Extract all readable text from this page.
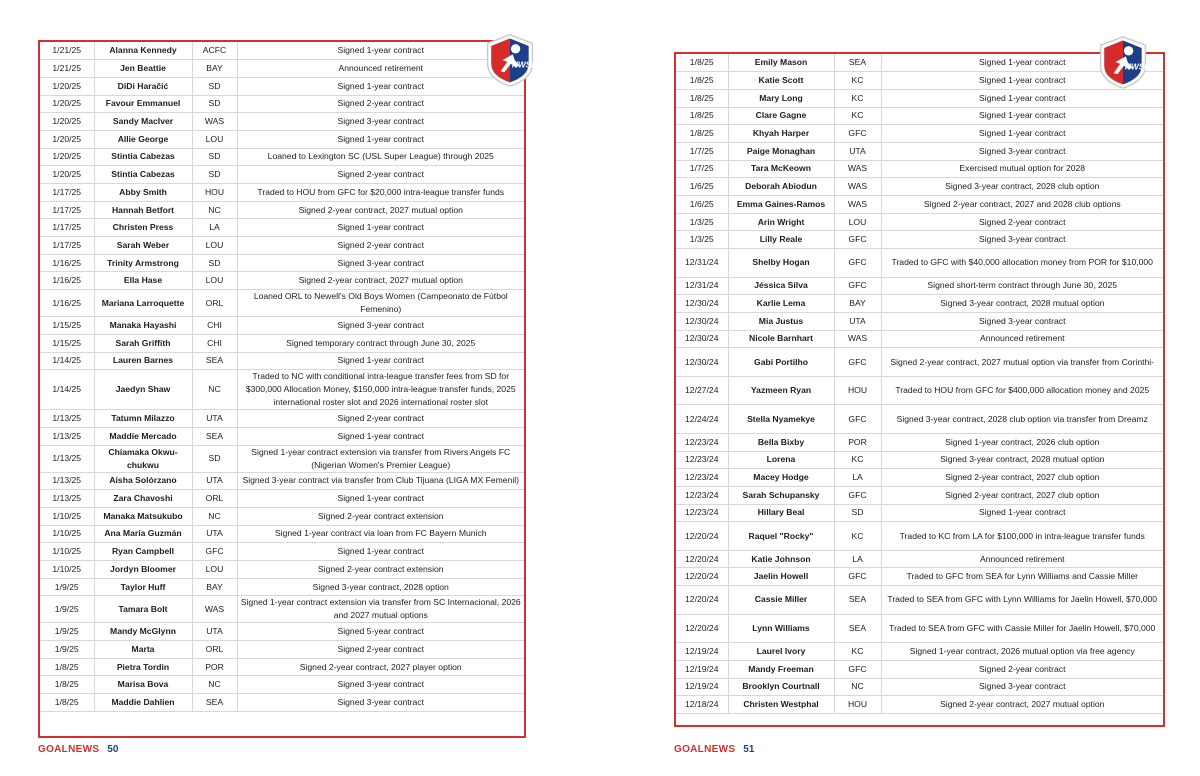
1/21/25	Alanna Kennedy	ACFC	Signed 1-year contract
1/21/25	Jen Beattie	BAY	Announced retirement
1/20/25	DiDi Haračić	SD	Signed 1-year contract
1/20/25	Favour Emmanuel	SD	Signed 2-year contract
1/20/25	Sandy MacIver	WAS	Signed 3-year contract
1/20/25	Allie George	LOU	Signed 1-year contract
1/20/25	Stintia Cabezas	SD	Loaned to Lexington SC (USL Super League) through 2025
1/20/25	Stintia Cabezas	SD	Signed 2-year contract
1/17/25	Abby Smith	HOU	Traded to HOU from GFC for $20,000 intra-league transfer funds
1/17/25	Hannah Betfort	NC	Signed 2-year contract, 2027 mutual option
1/17/25	Christen Press	LA	Signed 1-year contract
1/17/25	Sarah Weber	LOU	Signed 2-year contract
1/16/25	Trinity Armstrong	SD	Signed 3-year contract
1/16/25	Ella Hase	LOU	Signed 2-year contract, 2027 mutual option
1/16/25	Mariana Larroquette	ORL	Loaned ORL to Newell's Old Boys Women (Campeonato de Fútbol Femenino)
1/15/25	Manaka Hayashi	CHI	Signed 3-year contract
1/15/25	Sarah Griffith	CHI	Signed temporary contract through June 30, 2025
1/14/25	Lauren Barnes	SEA	Signed 1-year contract
1/14/25	Jaedyn Shaw	NC	Traded to NC with conditional intra-league transfer fees from SD for $300,000 Allocation Money, $150,000 intra-league transfer funds, 2025 international roster slot and 2026 international roster slot
1/13/25	Tatumn Milazzo	UTA	Signed 2-year contract
1/13/25	Maddie Mercado	SEA	Signed 1-year contract
1/13/25	Chiamaka Okwu-chukwu	SD	Signed 1-year contract extension via transfer from Rivers Angels FC (Nigerian Women's Premier League)
1/13/25	Aisha Solórzano	UTA	Signed 3-year contract via transfer from Club Tijuana (LIGA MX Femenil)
1/13/25	Zara Chavoshi	ORL	Signed 1-year contract
1/10/25	Manaka Matsukubo	NC	Signed 2-year contract extension
1/10/25	Ana María Guzmán	UTA	Signed 1-year contract via loan from FC Bayern Munich
1/10/25	Ryan Campbell	GFC	Signed 1-year contract
1/10/25	Jordyn Bloomer	LOU	Signed 2-year contract extension
1/9/25	Taylor Huff	BAY	Signed 3-year contract, 2028 option
1/9/25	Tamara Bolt	WAS	Signed 1-year contract extension via transfer from SC Internacional, 2026 and 2027 mutual options
1/9/25	Mandy McGlynn	UTA	Signed 5-year contract
1/9/25	Marta	ORL	Signed 2-year contract
1/8/25	Pietra Tordin	POR	Signed 2-year contract, 2027 player option
1/8/25	Marisa Bova	NC	Signed 3-year contract
1/8/25	Maddie Dahlien	SEA	Signed 3-year contract
NWSL
GOALNEWS 50
1/8/25	Emily Mason	SEA	Signed 1-year contract
1/8/25	Katie Scott	KC	Signed 1-year contract
1/8/25	Mary Long	KC	Signed 1-year contract
1/8/25	Clare Gagne	KC	Signed 1-year contract
1/8/25	Khyah Harper	GFC	Signed 1-year contract
1/7/25	Paige Monaghan	UTA	Signed 3-year contract
1/7/25	Tara McKeown	WAS	Exercised mutual option for 2028
1/6/25	Deborah Abiodun	WAS	Signed 3-year contract, 2028 club option
1/6/25	Emma Gaines-Ramos	WAS	Signed 2-year contract, 2027 and 2028 club options
1/3/25	Arin Wright	LOU	Signed 2-year contract
1/3/25	Lilly Reale	GFC	Signed 3-year contract
12/31/24	Shelby Hogan	GFC	Traded to GFC with $40,000 allocation money from POR for $10,000
12/31/24	Jéssica Silva	GFC	Signed short-term contract through June 30, 2025
12/30/24	Karlie Lema	BAY	Signed 3-year contract, 2028 mutual option
12/30/24	Mia Justus	UTA	Signed 3-year contract
12/30/24	Nicole Barnhart	WAS	Announced retirement
12/30/24	Gabi Portilho	GFC	Signed 2-year contract, 2027 mutual option via transfer from Corinthi-
12/27/24	Yazmeen Ryan	HOU	Traded to HOU from GFC for $400,000 allocation money and 2025
12/24/24	Stella Nyamekye	GFC	Signed 3-year contract, 2028 club option via transfer from Dreamz
12/23/24	Bella Bixby	POR	Signed 1-year contract, 2026 club option
12/23/24	Lorena	KC	Signed 3-year contract, 2028 mutual option
12/23/24	Macey Hodge	LA	Signed 2-year contract, 2027 club option
12/23/24	Sarah Schupansky	GFC	Signed 2-year contract, 2027 club option
12/23/24	Hillary Beal	SD	Signed 1-year contract
12/20/24	Raquel "Rocky"	KC	Traded to KC from LA for $100,000 in intra-league transfer funds
12/20/24	Katie Johnson	LA	Announced retirement
12/20/24	Jaelin Howell	GFC	Traded to GFC from SEA for Lynn Williams and Cassie Miller
12/20/24	Cassie Miller	SEA	Traded to SEA from GFC with Lynn Williams for Jaelin Howell, $70,000
12/20/24	Lynn Williams	SEA	Traded to SEA from GFC with Cassie Miller for Jaelin Howell, $70,000
12/19/24	Laurel Ivory	KC	Signed 1-year contract, 2026 mutual option via free agency
12/19/24	Mandy Freeman	GFC	Signed 2-year contract
12/19/24	Brooklyn Courtnall	NC	Signed 3-year contract
12/18/24	Christen Westphal	HOU	Signed 2-year contract, 2027 mutual option
NWSL
GOALNEWS 51
